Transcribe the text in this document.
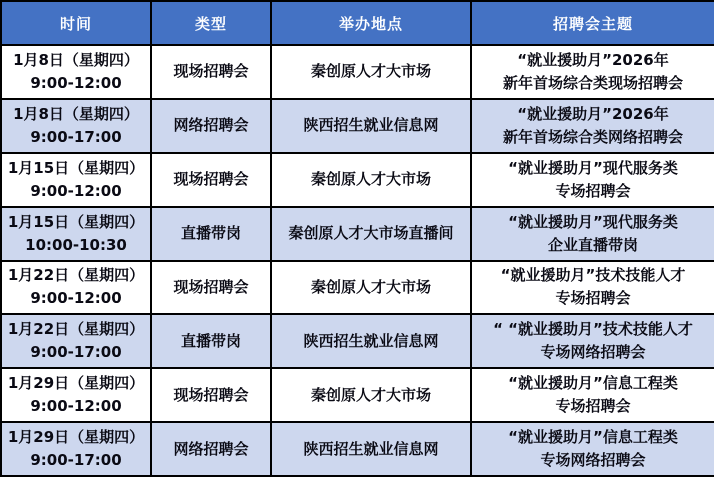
时间	类型	举办地点	招聘会主题

1月8日（星期四）
9:00-12:00	现场招聘会	秦创原人才大市场	“就业援助月”2026年
新年首场综合类现场招聘会

1月8日（星期四）
9:00-17:00	网络招聘会	陕西招生就业信息网	“就业援助月”2026年
新年首场综合类网络招聘会

1月15日（星期四）
9:00-12:00	现场招聘会	秦创原人才大市场	“就业援助月”现代服务类
专场招聘会

1月15日（星期四）
10:00-10:30	直播带岗	秦创原人才大市场直播间	“就业援助月”现代服务类
企业直播带岗

1月22日（星期四）
9:00-12:00	现场招聘会	秦创原人才大市场	“就业援助月”技术技能人才
专场招聘会

1月22日（星期四）
9:00-17:00	直播带岗	陕西招生就业信息网	“ “就业援助月”技术技能人才
专场网络招聘会

1月29日（星期四）
9:00-12:00	现场招聘会	秦创原人才大市场	“就业援助月”信息工程类
专场招聘会

1月29日（星期四）
9:00-17:00	网络招聘会	陕西招生就业信息网	“就业援助月”信息工程类
专场网络招聘会
